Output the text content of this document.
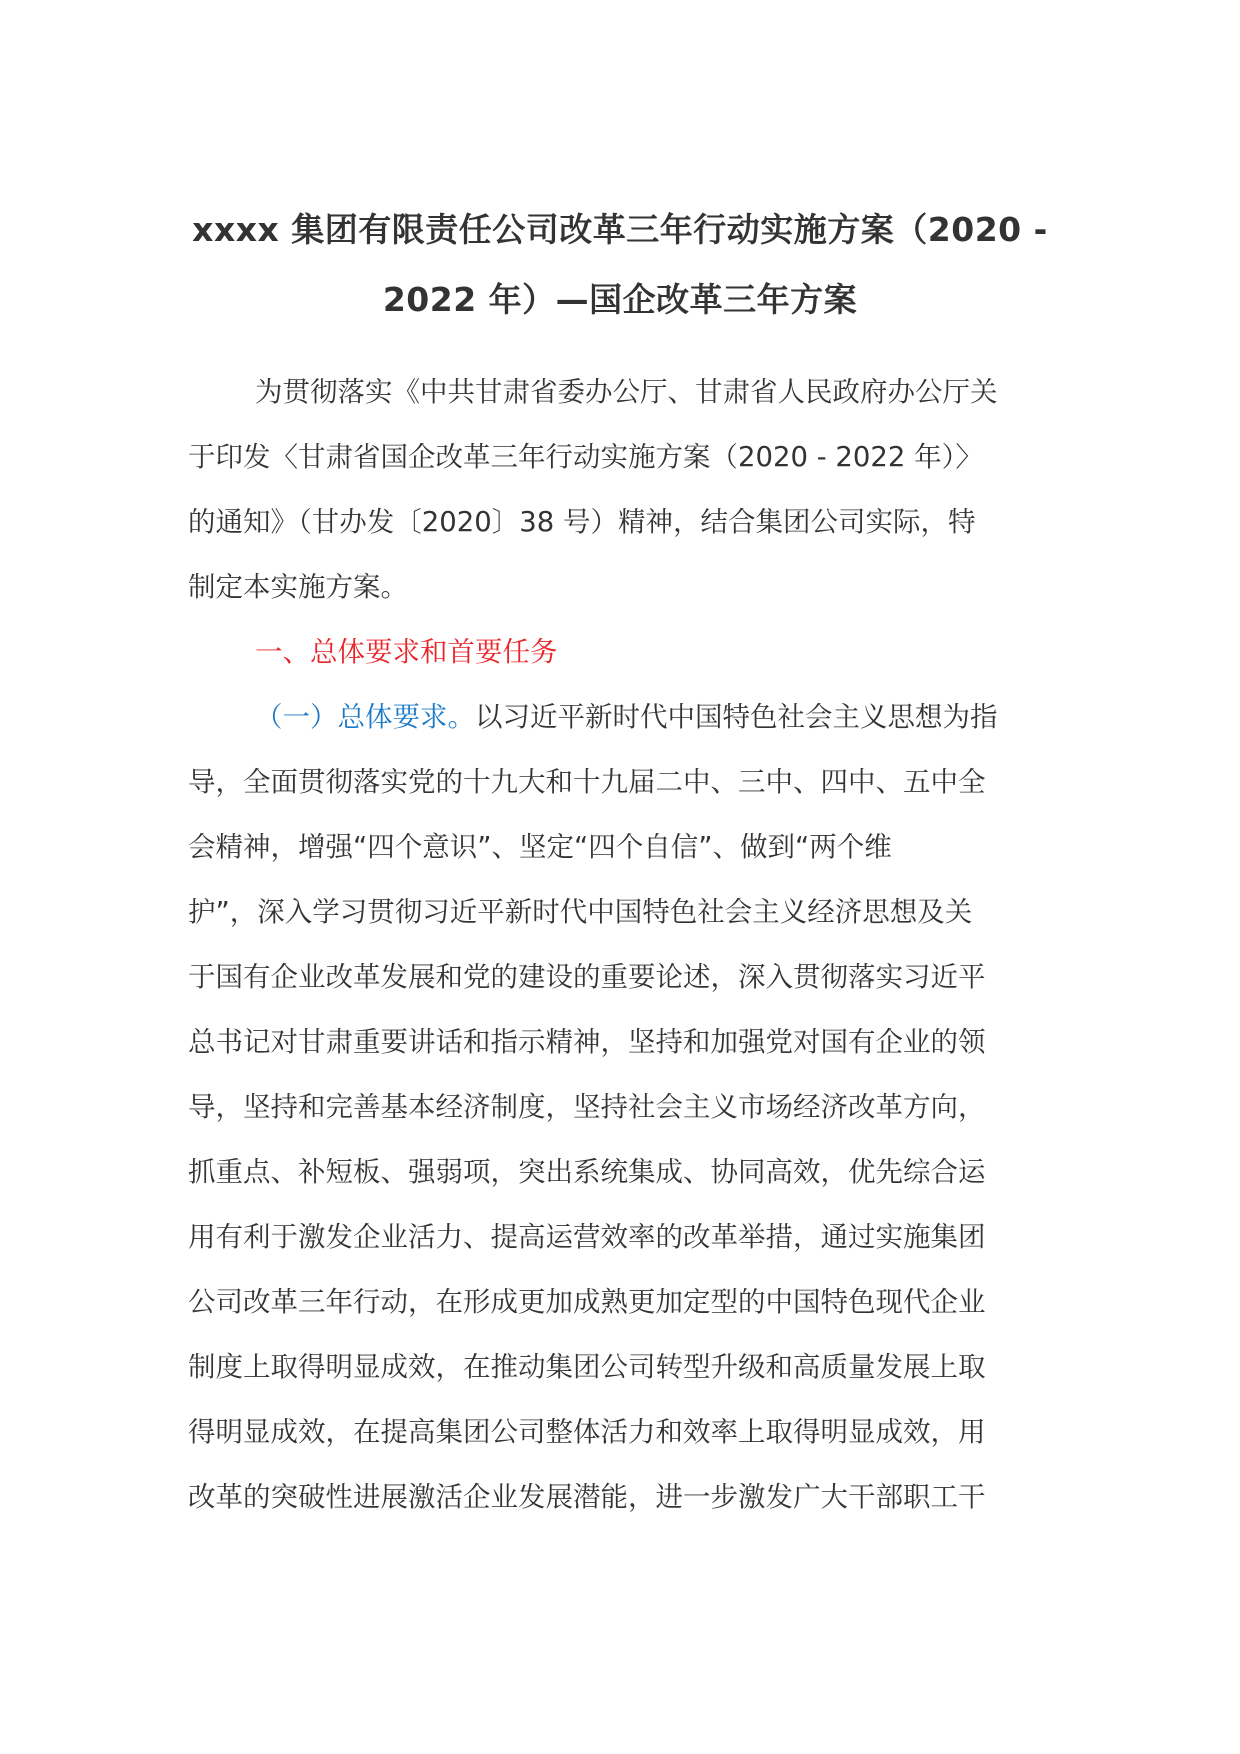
xxxx 集团有限责任公司改革三年行动实施方案（2020 -
2022 年）—国企改革三年方案
为贯彻落实《中共甘肃省委办公厅、甘肃省人民政府办公厅关
于印发〈甘肃省国企改革三年行动实施方案（2020 - 2022 年）〉
的通知》（甘办发〔2020〕38 号）精神，结合集团公司实际，特
制定本实施方案。
一、总体要求和首要任务
（一）总体要求。以习近平新时代中国特色社会主义思想为指
导，全面贯彻落实党的十九大和十九届二中、三中、四中、五中全
会精神，增强“四个意识”、坚定“四个自信”、做到“两个维
护”，深入学习贯彻习近平新时代中国特色社会主义经济思想及关
于国有企业改革发展和党的建设的重要论述，深入贯彻落实习近平
总书记对甘肃重要讲话和指示精神，坚持和加强党对国有企业的领
导，坚持和完善基本经济制度，坚持社会主义市场经济改革方向，
抓重点、补短板、强弱项，突出系统集成、协同高效，优先综合运
用有利于激发企业活力、提高运营效率的改革举措，通过实施集团
公司改革三年行动，在形成更加成熟更加定型的中国特色现代企业
制度上取得明显成效，在推动集团公司转型升级和高质量发展上取
得明显成效，在提高集团公司整体活力和效率上取得明显成效，用
改革的突破性进展激活企业发展潜能，进一步激发广大干部职工干
